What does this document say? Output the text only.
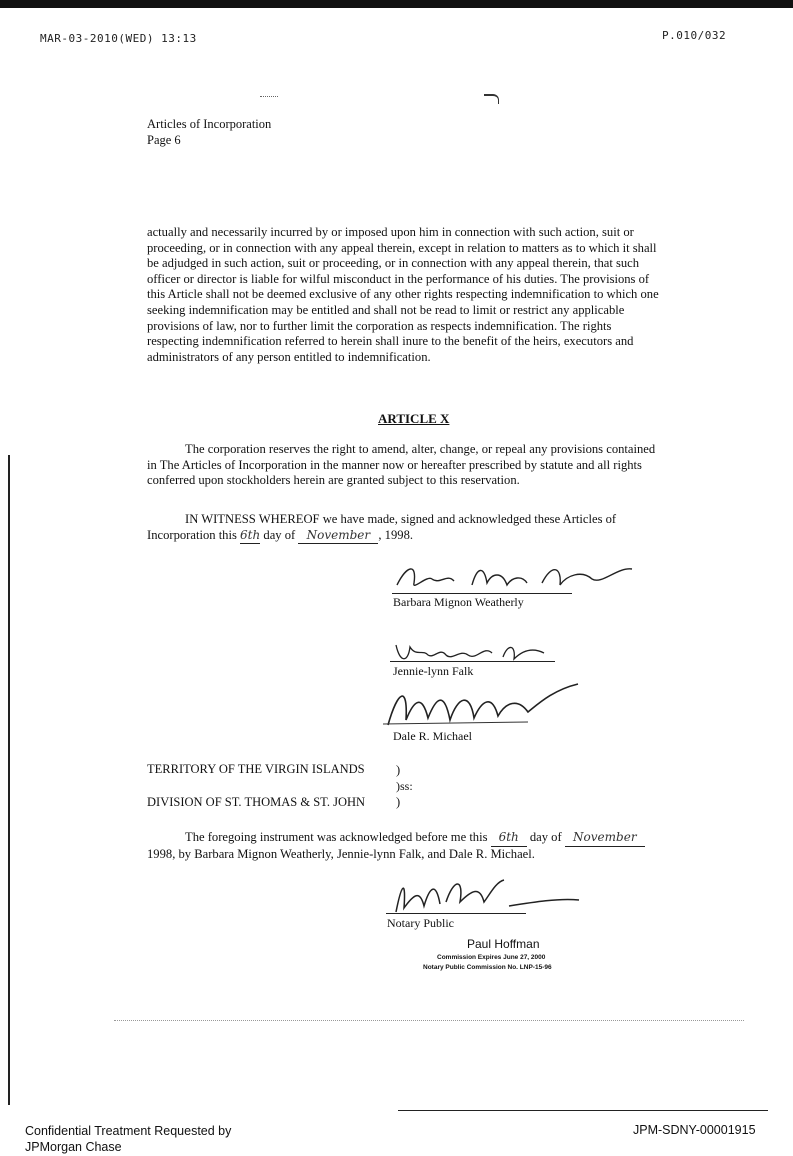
MAR-03-2010(WED) 13:13	P.010/032
Articles of Incorporation
Page 6
actually and necessarily incurred by or imposed upon him in connection with such action, suit or
proceeding, or in connection with any appeal therein, except in relation to matters as to which it shall
be adjudged in such action, suit or proceeding, or in connection with any appeal therein, that such
officer or director is liable for wilful misconduct in the performance of his duties. The provisions of
this Article shall not be deemed exclusive of any other rights respecting indemnification to which one
seeking indemnification may be entitled and shall not be read to limit or restrict any applicable
provisions of law, nor to further limit the corporation as respects indemnification. The rights
respecting indemnification referred to herein shall inure to the benefit of the heirs, executors and
administrators of any person entitled to indemnification.
ARTICLE X
The corporation reserves the right to amend, alter, change, or repeal any provisions contained
in The Articles of Incorporation in the manner now or hereafter prescribed by statute and all rights
conferred upon stockholders herein are granted subject to this reservation.
IN WITNESS WHEREOF we have made, signed and acknowledged these Articles of
Incorporation this 6th day of November , 1998.
Barbara Mignon Weatherly
Jennie-lynn Falk
Dale R. Michael
TERRITORY OF THE VIRGIN ISLANDS	)
)ss:
DIVISION OF ST. THOMAS & ST. JOHN )
The foregoing instrument was acknowledged before me this 6th day of November
1998, by Barbara Mignon Weatherly, Jennie-lynn Falk, and Dale R. Michael.
Notary Public
Paul Hoffman
Commission Expires June 27, 2000
Notary Public Commission No. LNP-15-96
Confidential Treatment Requested by
JPMorgan Chase
JPM-SDNY-00001915
